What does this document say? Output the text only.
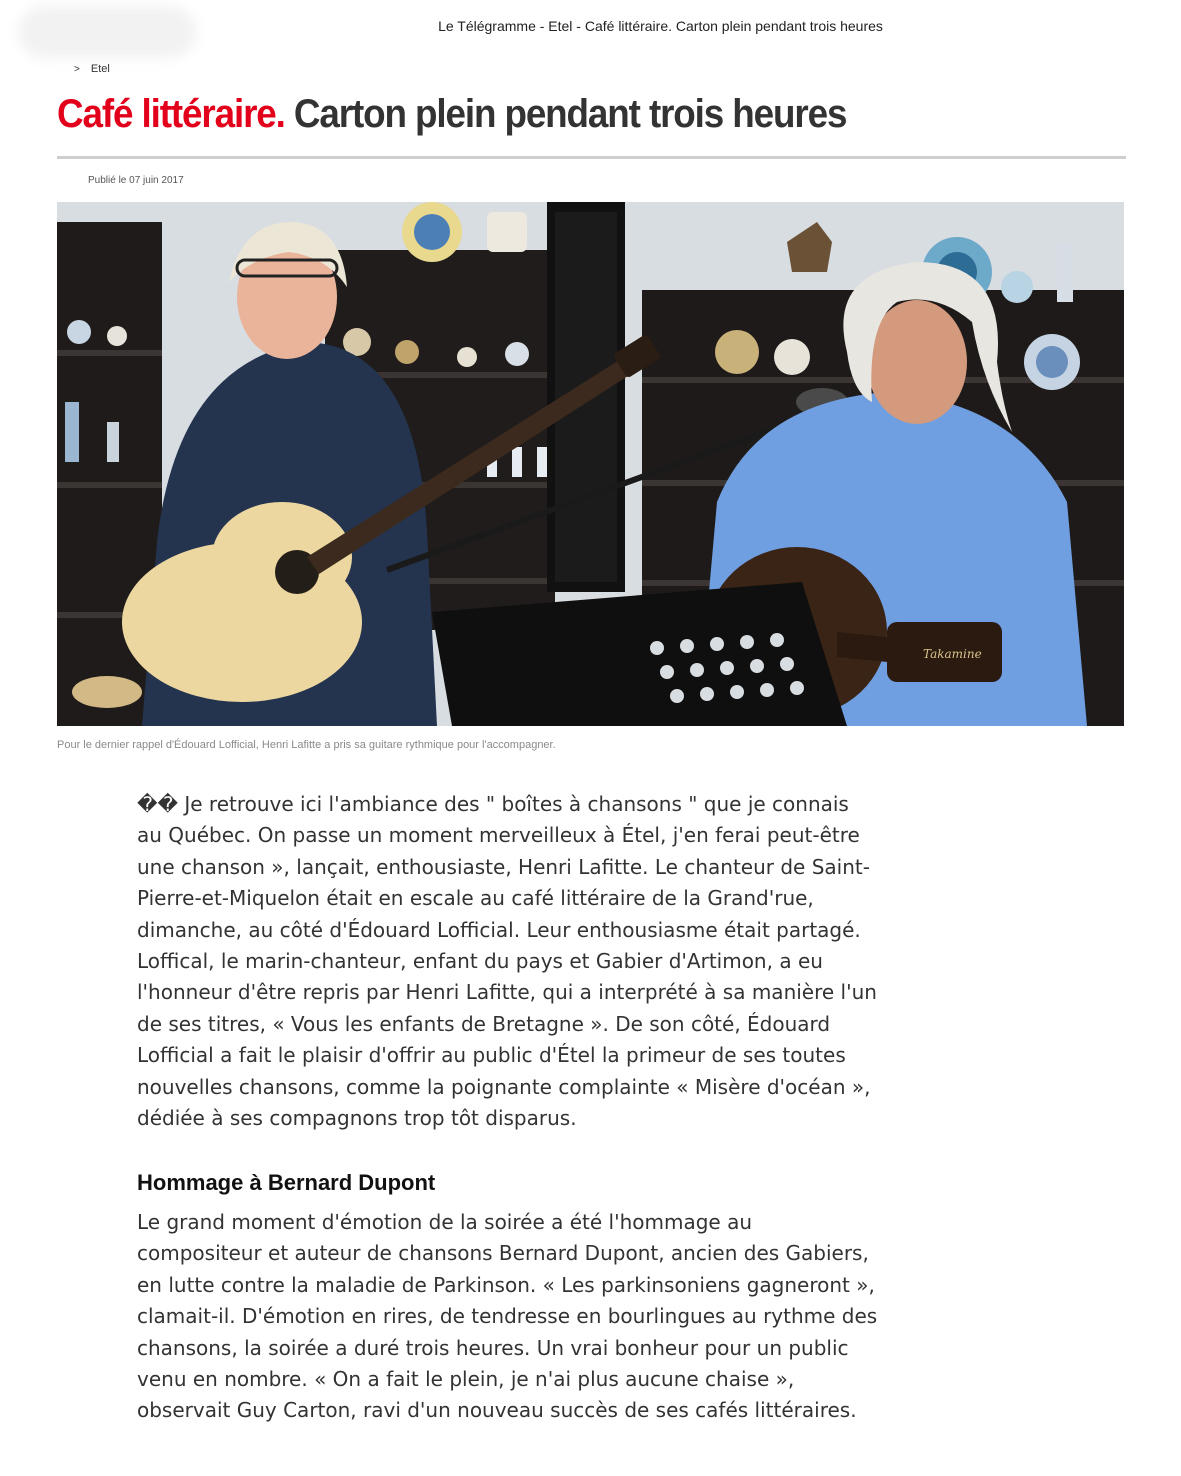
Le Télégramme - Etel - Café littéraire. Carton plein pendant trois heures
> Etel
Café littéraire. Carton plein pendant trois heures
Publié le 07 juin 2017
Takamine
Pour le dernier rappel d'Édouard Lofficial, Henri Lafitte a pris sa guitare rythmique pour l'accompagner.
�� Je retrouve ici l'ambiance des " boîtes à chansons " que je connais
au Québec. On passe un moment merveilleux à Étel, j'en ferai peut-être
une chanson », lançait, enthousiaste, Henri Lafitte. Le chanteur de Saint-
Pierre-et-Miquelon était en escale au café littéraire de la Grand'rue,
dimanche, au côté d'Édouard Lofficial. Leur enthousiasme était partagé.
Loffical, le marin-chanteur, enfant du pays et Gabier d'Artimon, a eu
l'honneur d'être repris par Henri Lafitte, qui a interprété à sa manière l'un
de ses titres, « Vous les enfants de Bretagne ». De son côté, Édouard
Lofficial a fait le plaisir d'offrir au public d'Étel la primeur de ses toutes
nouvelles chansons, comme la poignante complainte « Misère d'océan »,
dédiée à ses compagnons trop tôt disparus.
Hommage à Bernard Dupont
Le grand moment d'émotion de la soirée a été l'hommage au
compositeur et auteur de chansons Bernard Dupont, ancien des Gabiers,
en lutte contre la maladie de Parkinson. « Les parkinsoniens gagneront »,
clamait-il. D'émotion en rires, de tendresse en bourlingues au rythme des
chansons, la soirée a duré trois heures. Un vrai bonheur pour un public
venu en nombre. « On a fait le plein, je n'ai plus aucune chaise »,
observait Guy Carton, ravi d'un nouveau succès de ses cafés littéraires.
